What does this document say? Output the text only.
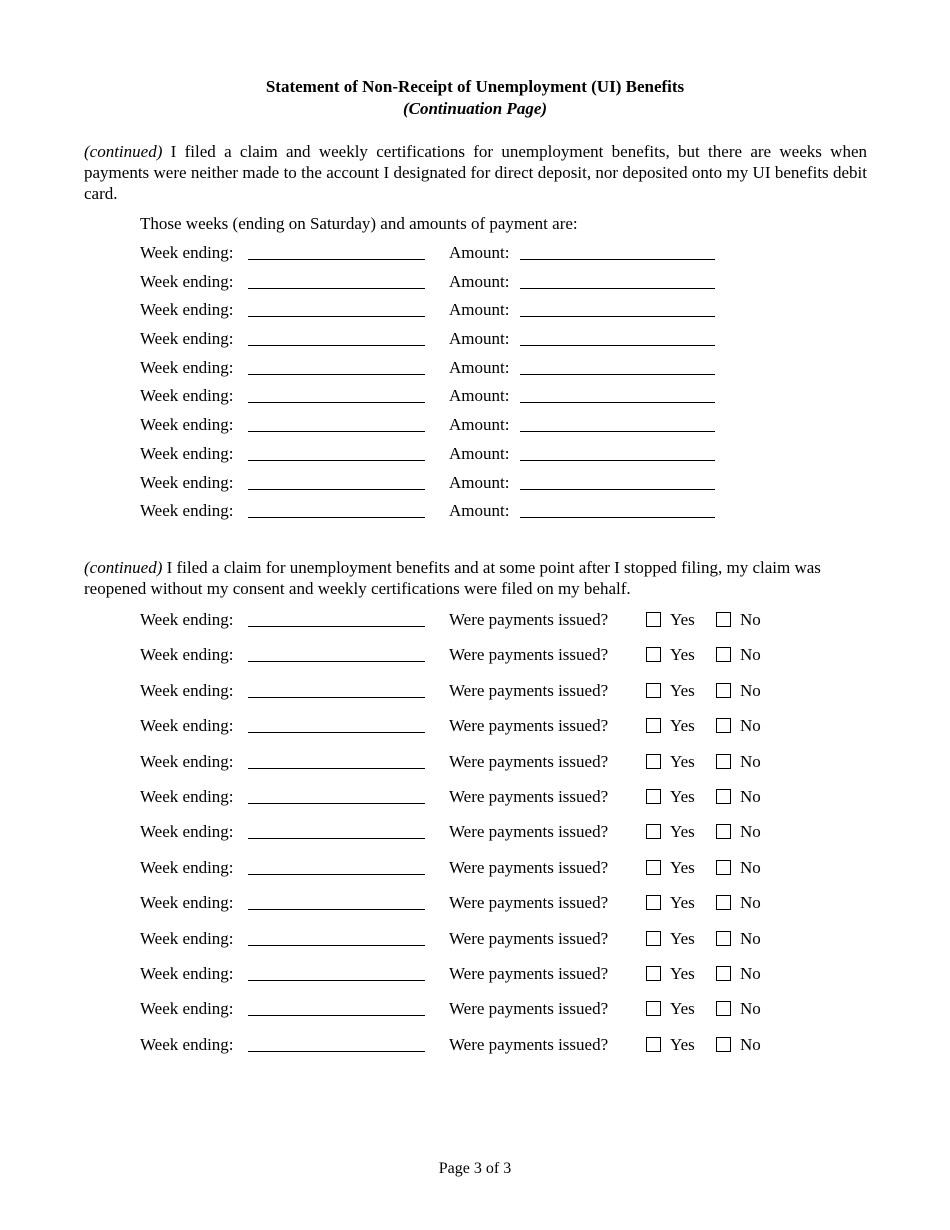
Statement of Non-Receipt of Unemployment (UI) Benefits
(Continuation Page)
(continued) I filed a claim and weekly certifications for unemployment benefits, but there are weeks when payments were neither made to the account I designated for direct deposit, nor deposited onto my UI benefits debit card.
Those weeks (ending on Saturday) and amounts of payment are:
Week ending:	Amount:
Week ending:	Amount:
Week ending:	Amount:
Week ending:	Amount:
Week ending:	Amount:
Week ending:	Amount:
Week ending:	Amount:
Week ending:	Amount:
Week ending:	Amount:
Week ending:	Amount:
(continued) I filed a claim for unemployment benefits and at some point after I stopped filing, my claim was reopened without my consent and weekly certifications were filed on my behalf.
Week ending:	Were payments issued?	Yes	No
Week ending:	Were payments issued?	Yes	No
Week ending:	Were payments issued?	Yes	No
Week ending:	Were payments issued?	Yes	No
Week ending:	Were payments issued?	Yes	No
Week ending:	Were payments issued?	Yes	No
Week ending:	Were payments issued?	Yes	No
Week ending:	Were payments issued?	Yes	No
Week ending:	Were payments issued?	Yes	No
Week ending:	Were payments issued?	Yes	No
Week ending:	Were payments issued?	Yes	No
Week ending:	Were payments issued?	Yes	No
Week ending:	Were payments issued?	Yes	No
Page 3 of 3
